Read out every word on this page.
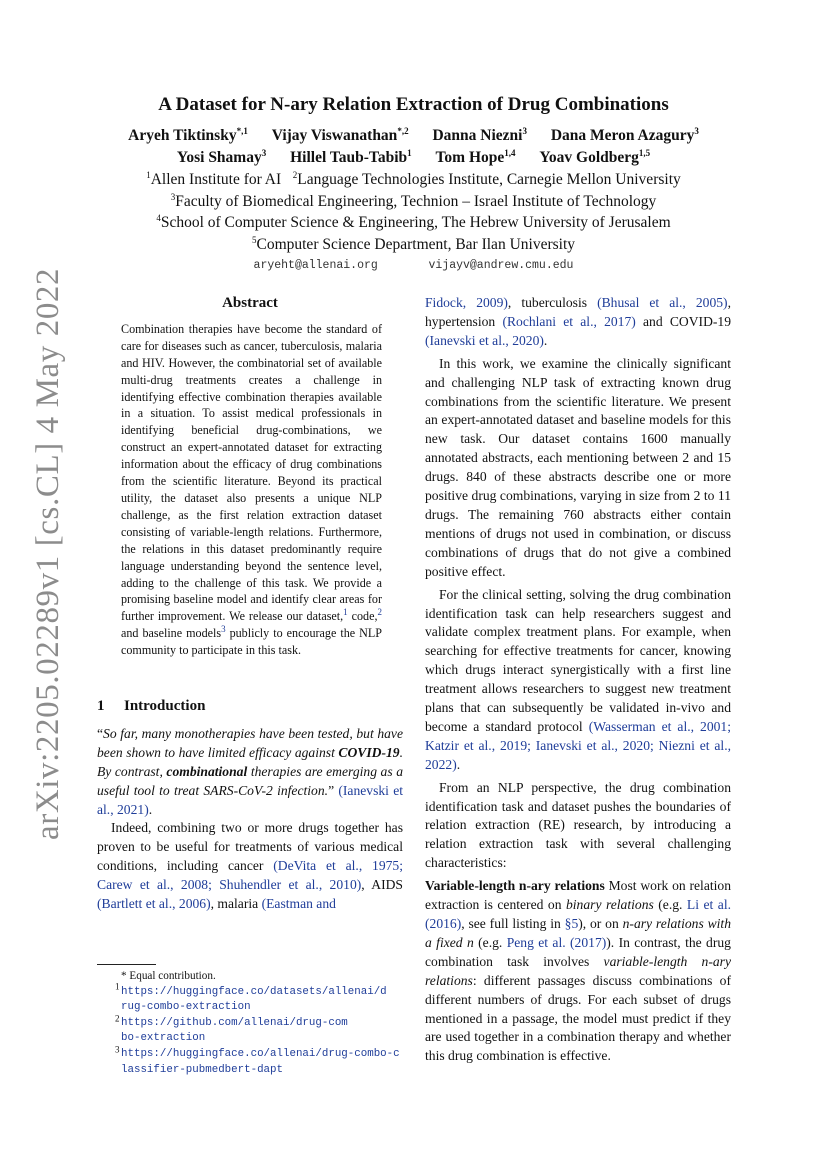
arXiv:2205.02289v1 [cs.CL] 4 May 2022
A Dataset for N-ary Relation Extraction of Drug Combinations
Aryeh Tiktinsky$^{*,1}$ Vijay Viswanathan$^{*,2}$ Danna Niezni$^3$ Dana Meron Azagury$^3$
Yosi Shamay$^3$ Hillel Taub-Tabib$^1$ Tom Hope$^{1,4}$ Yoav Goldberg$^{1,5}$
$^1$Allen Institute for AI $^2$Language Technologies Institute, Carnegie Mellon University
$^3$Faculty of Biomedical Engineering, Technion – Israel Institute of Technology
$^4$School of Computer Science & Engineering, The Hebrew University of Jerusalem
$^5$Computer Science Department, Bar Ilan University
aryeht@allenai.org	vijayv@andrew.cmu.edu
Abstract
Combination therapies have become the standard of care for diseases such as cancer, tuberculosis, malaria and HIV. However, the combinatorial set of available multi-drug treatments creates a challenge in identifying effective combination therapies available in a situation. To assist medical professionals in identifying beneficial drug-combinations, we construct an expert-annotated dataset for extracting information about the efficacy of drug combinations from the scientific literature. Beyond its practical utility, the dataset also presents a unique NLP challenge, as the first relation extraction dataset consisting of variable-length relations. Furthermore, the relations in this dataset predominantly require language understanding beyond the sentence level, adding to the challenge of this task. We provide a promising baseline model and identify clear areas for further improvement. We release our dataset,$^1$ code,$^2$ and baseline models$^3$ publicly to encourage the NLP community to participate in this task.
1 Introduction

“So far, many monotherapies have been tested, but have been shown to have limited efficacy against COVID-19. By contrast, combinational therapies are emerging as a useful tool to treat SARS-CoV-2 infection.” (Ianevski et al., 2021).

Indeed, combining two or more drugs together has proven to be useful for treatments of various medical conditions, including cancer (DeVita et al., 1975; Carew et al., 2008; Shuhendler et al., 2010), AIDS (Bartlett et al., 2006), malaria (Eastman and

* Equal contribution.
$^1$ https://huggingface.co/datasets/allenai/drug-combo-extraction
$^2$ https://github.com/allenai/drug-combo-extraction
$^3$ https://huggingface.co/allenai/drug-combo-classifier-pubmedbert-dapt

Fidock, 2009), tuberculosis (Bhusal et al., 2005), hypertension (Rochlani et al., 2017) and COVID-19 (Ianevski et al., 2020).

In this work, we examine the clinically significant and challenging NLP task of extracting known drug combinations from the scientific literature. We present an expert-annotated dataset and baseline models for this new task. Our dataset contains 1600 manually annotated abstracts, each mentioning between 2 and 15 drugs. 840 of these abstracts describe one or more positive drug combinations, varying in size from 2 to 11 drugs. The remaining 760 abstracts either contain mentions of drugs not used in combination, or discuss combinations of drugs that do not give a combined positive effect.

For the clinical setting, solving the drug combination identification task can help researchers suggest and validate complex treatment plans. For example, when searching for effective treatments for cancer, knowing which drugs interact synergistically with a first line treatment allows researchers to suggest new treatment plans that can subsequently be validated in-vivo and become a standard protocol (Wasserman et al., 2001; Katzir et al., 2019; Ianevski et al., 2020; Niezni et al., 2022).

From an NLP perspective, the drug combination identification task and dataset pushes the boundaries of relation extraction (RE) research, by introducing a relation extraction task with several challenging characteristics:

Variable-length n-ary relations Most work on relation extraction is centered on binary relations (e.g. Li et al. (2016), see full listing in §5), or on n-ary relations with a fixed n (e.g. Peng et al. (2017)). In contrast, the drug combination task involves variable-length n-ary relations: different passages discuss combinations of different numbers of drugs. For each subset of drugs mentioned in a passage, the model must predict if they are used together in a combination therapy and whether this drug combination is effective.
